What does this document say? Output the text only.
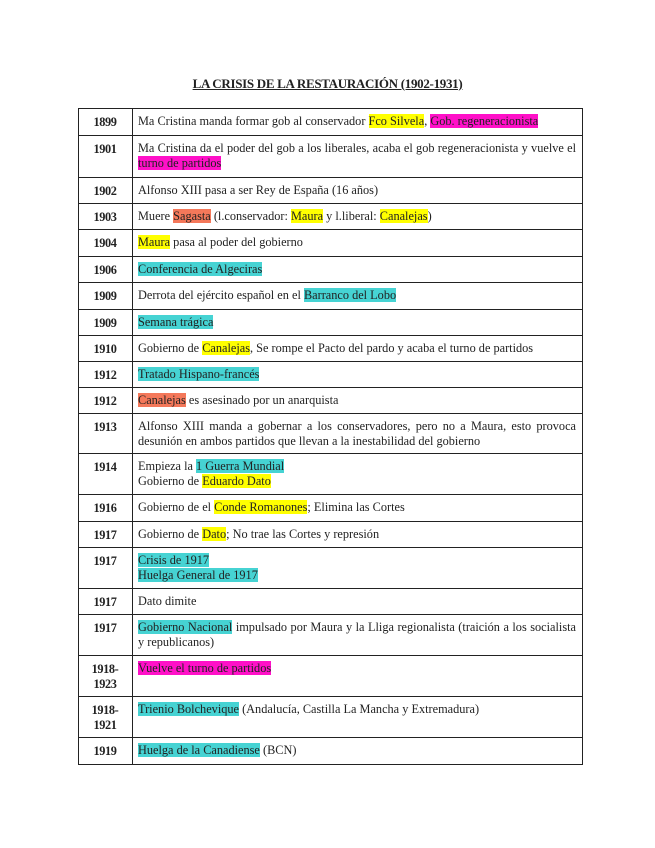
LA CRISIS DE LA RESTAURACIÓN (1902-1931)
1899	Ma Cristina manda formar gob al conservador Fco Silvela, Gob. regeneracionista
1901	Ma Cristina da el poder del gob a los liberales, acaba el gob regeneracionista y vuelve el turno de partidos
1902	Alfonso XIII pasa a ser Rey de España (16 años)
1903	Muere Sagasta (l.conservador: Maura y l.liberal: Canalejas)
1904	Maura pasa al poder del gobierno
1906	Conferencia de Algeciras
1909	Derrota del ejército español en el Barranco del Lobo
1909	Semana trágica
1910	Gobierno de Canalejas, Se rompe el Pacto del pardo y acaba el turno de partidos
1912	Tratado Hispano-francés
1912	Canalejas es asesinado por un anarquista
1913	Alfonso XIII manda a gobernar a los conservadores, pero no a Maura, esto provoca desunión en ambos partidos que llevan a la inestabilidad del gobierno
1914	Empieza la 1 Guerra Mundial
Gobierno de Eduardo Dato
1916	Gobierno de el Conde Romanones; Elimina las Cortes
1917	Gobierno de Dato; No trae las Cortes y represión
1917	Crisis de 1917
Huelga General de 1917
1917	Dato dimite
1917	Gobierno Nacional impulsado por Maura y la Lliga regionalista (traición a los socialista y republicanos)
1918-1923	Vuelve el turno de partidos
1918-1921	Trienio Bolchevique (Andalucía, Castilla La Mancha y Extremadura)
1919	Huelga de la Canadiense (BCN)
